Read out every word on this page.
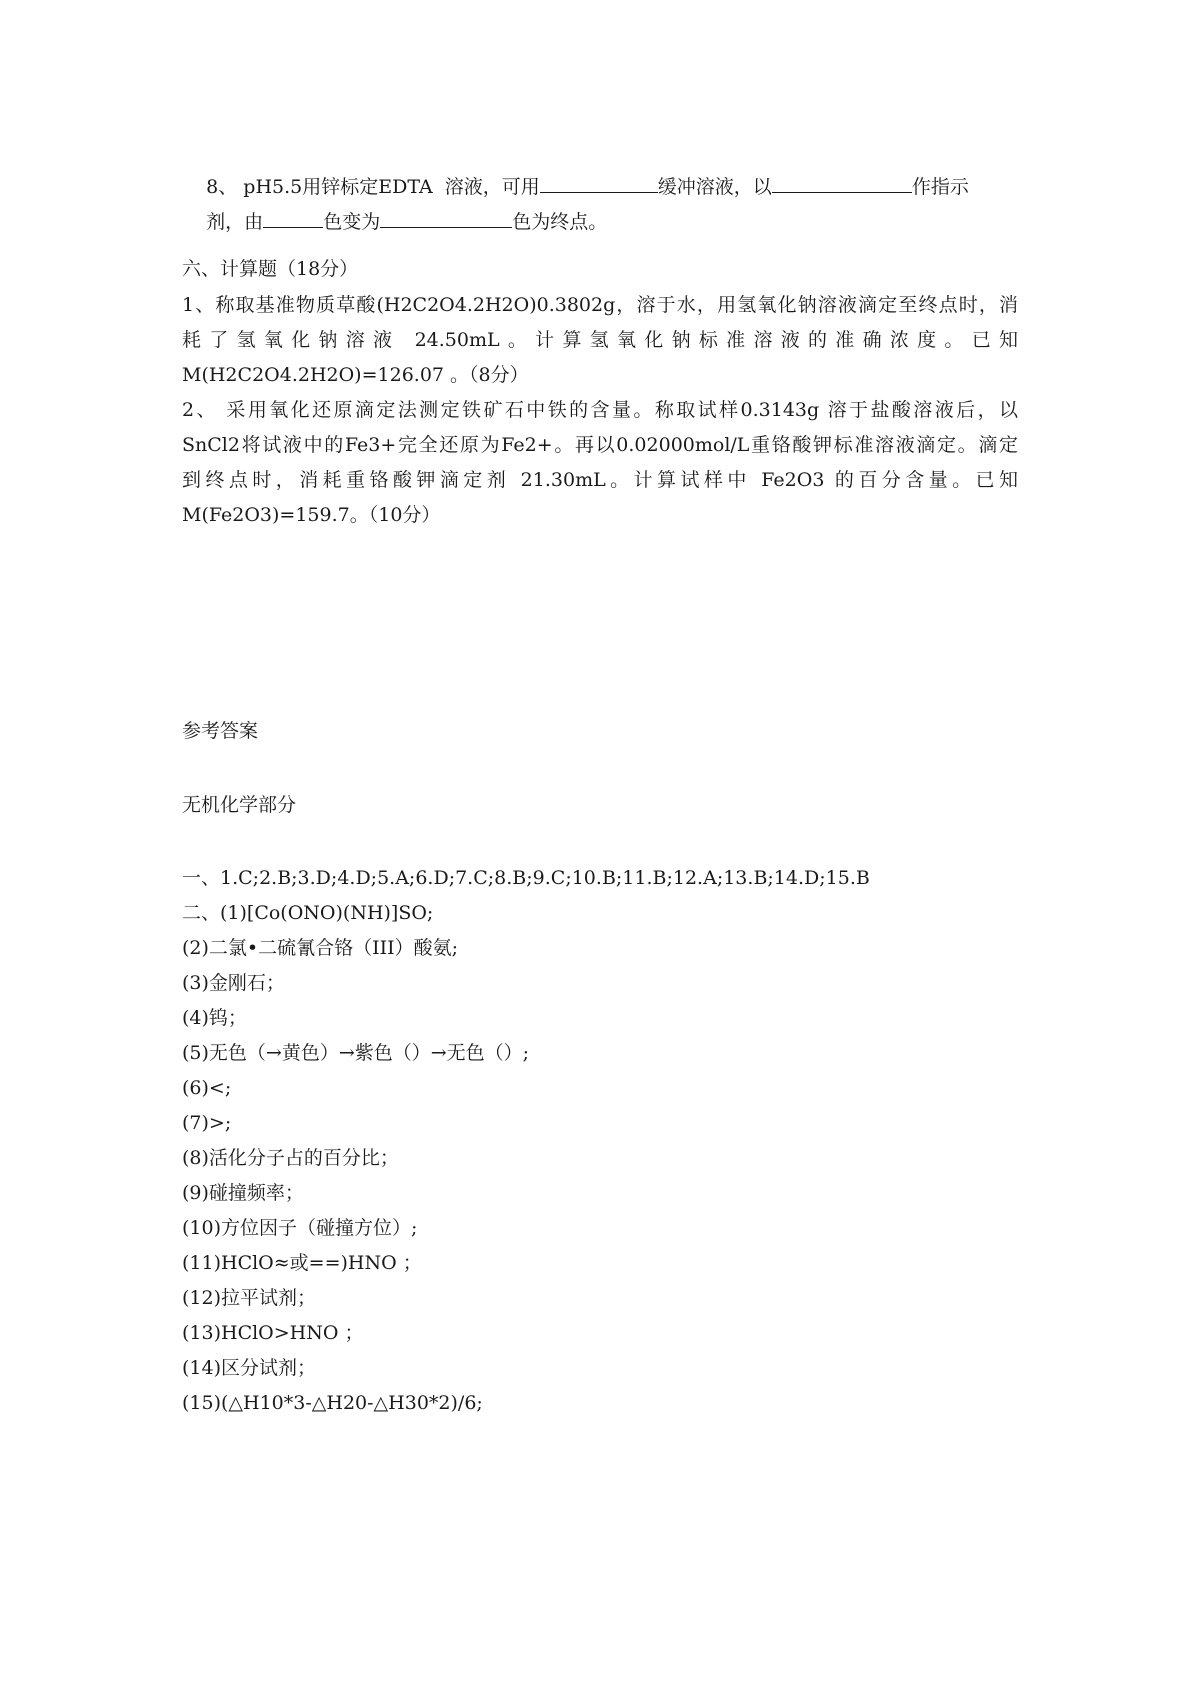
8、 pH5.5用锌标定EDTA  溶液，可用	缓冲溶液，以	作指示

剂，由	色变为	色为终点。

六、计算题（18分）
1、称取基准物质草酸(H2C2O4.2H2O)0.3802g，溶于水，用氢氧化钠溶液滴定至终点时，消
耗了氢氧化钠溶液 24.50mL。计算氢氧化钠标准溶液的准确浓度。已知
M(H2C2O4.2H2O)=126.07 。（8分）
2、 采用氧化还原滴定法测定铁矿石中铁的含量。称取试样0.3143g 溶于盐酸溶液后，以
SnCl2将试液中的Fe3+完全还原为Fe2+。再以0.02000mol/L重铬酸钾标准溶液滴定。滴定
到终点时，消耗重铬酸钾滴定剂 21.30mL。计算试样中 Fe2O3 的百分含量。已知
M(Fe2O3)=159.7。（10分）
参考答案
无机化学部分
一、1.C;2.B;3.D;4.D;5.A;6.D;7.C;8.B;9.C;10.B;11.B;12.A;13.B;14.D;15.B
二、(1)[Co(ONO)(NH)]SO;
(2)二氯•二硫氰合铬（III）酸氨;
(3)金刚石；
(4)钨；
(5)无色（→黄色）→紫色（）→无色（）;
(6)<;
(7)>;
(8)活化分子占的百分比；
(9)碰撞频率；
(10)方位因子（碰撞方位）;
(11)HClO≈或==)HNO ；
(12)拉平试剂；
(13)HClO>HNO ；
(14)区分试剂；
(15)(△H10*3-△H20-△H30*2)/6;
